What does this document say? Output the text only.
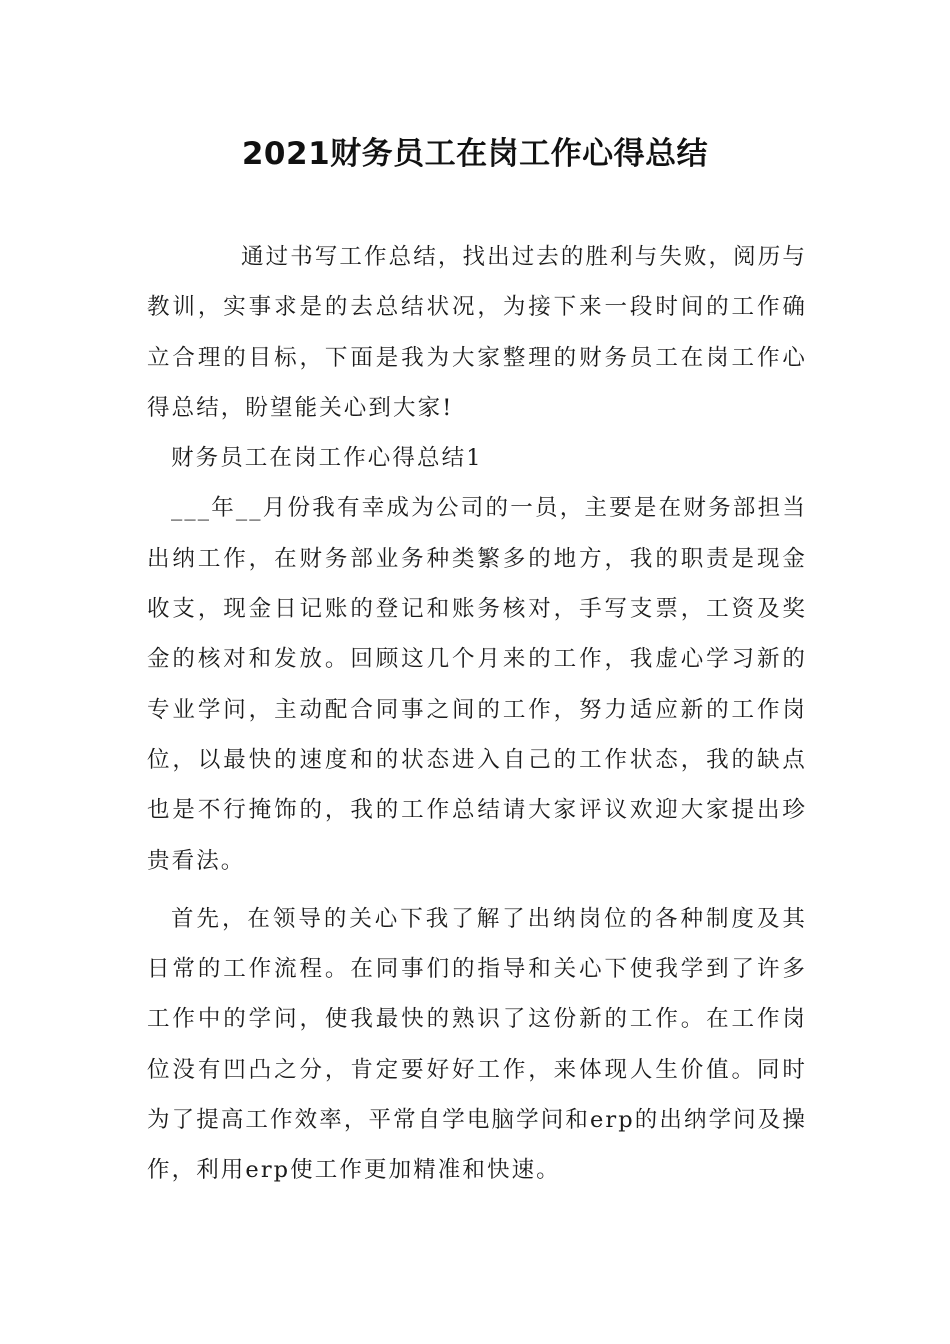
2021财务员工在岗工作心得总结

通过书写工作总结，找出过去的胜利与失败，阅历与教训，实事求是的去总结状况，为接下来一段时间的工作确立合理的目标，下面是我为大家整理的财务员工在岗工作心得总结，盼望能关心到大家!

财务员工在岗工作心得总结1

___年__月份我有幸成为公司的一员，主要是在财务部担当出纳工作，在财务部业务种类繁多的地方，我的职责是现金收支，现金日记账的登记和账务核对，手写支票，工资及奖金的核对和发放。回顾这几个月来的工作，我虚心学习新的专业学问，主动配合同事之间的工作，努力适应新的工作岗位，以最快的速度和的状态进入自己的工作状态，我的缺点也是不行掩饰的，我的工作总结请大家评议欢迎大家提出珍贵看法。

首先，在领导的关心下我了解了出纳岗位的各种制度及其日常的工作流程。在同事们的指导和关心下使我学到了许多工作中的学问，使我最快的熟识了这份新的工作。在工作岗位没有凹凸之分，肯定要好好工作，来体现人生价值。同时为了提高工作效率，平常自学电脑学问和erp的出纳学问及操作，利用erp使工作更加精准和快速。
